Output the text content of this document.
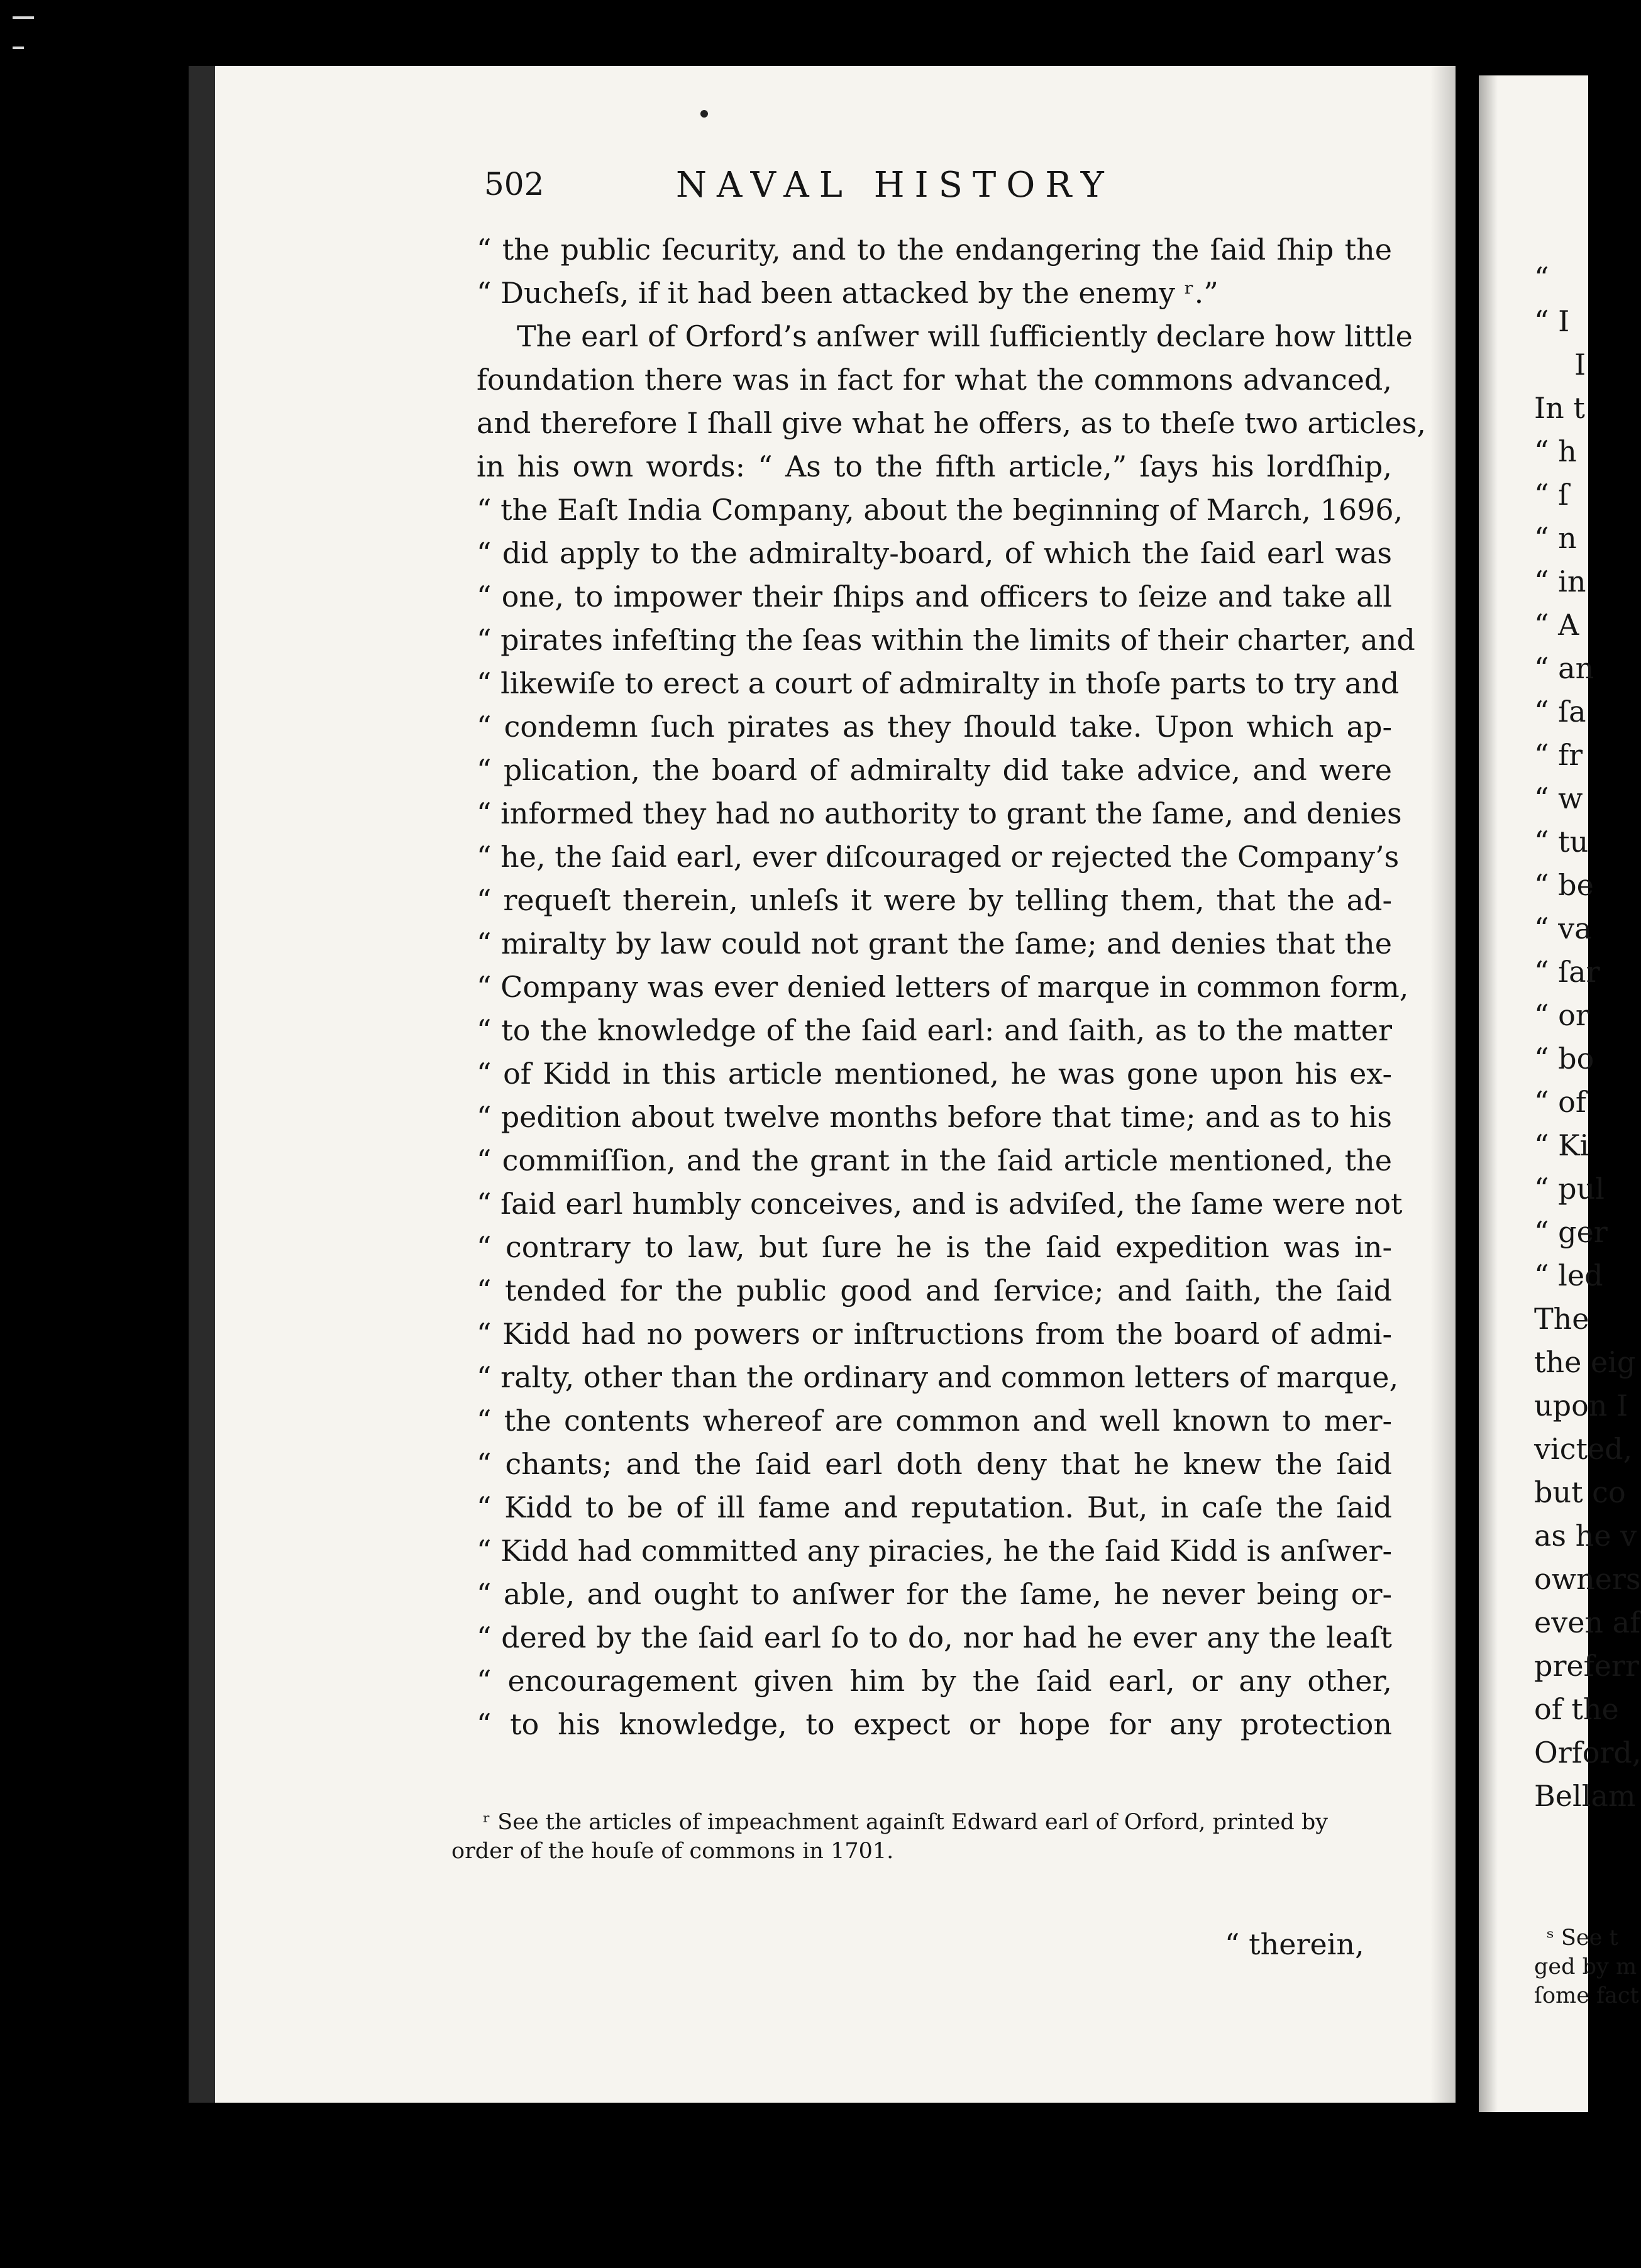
502	NAVAL HISTORY
“ the public ſecurity, and to the endangering the ſaid ſhip the
“ Ducheſs, if it had been attacked by the enemy ʳ.”
The earl of Orford’s anſwer will ſufficiently declare how little
foundation there was in fact for what the commons advanced,
and therefore I ſhall give what he offers, as to theſe two articles,
in his own words: “ As to the fifth article,” ſays his lordſhip,
“ the Eaſt India Company, about the beginning of March, 1696,
“ did apply to the admiralty-board, of which the ſaid earl was
“ one, to impower their ſhips and officers to ſeize and take all
“ pirates infeſting the ſeas within the limits of their charter, and
“ likewiſe to erect a court of admiralty in thoſe parts to try and
“ condemn ſuch pirates as they ſhould take. Upon which ap-
“ plication, the board of admiralty did take advice, and were
“ informed they had no authority to grant the ſame, and denies
“ he, the ſaid earl, ever diſcouraged or rejected the Company’s
“ requeſt therein, unleſs it were by telling them, that the ad-
“ miralty by law could not grant the ſame; and denies that the
“ Company was ever denied letters of marque in common form,
“ to the knowledge of the ſaid earl: and ſaith, as to the matter
“ of Kidd in this article mentioned, he was gone upon his ex-
“ pedition about twelve months before that time; and as to his
“ commiſſion, and the grant in the ſaid article mentioned, the
“ ſaid earl humbly conceives, and is adviſed, the ſame were not
“ contrary to law, but ſure he is the ſaid expedition was in-
“ tended for the public good and ſervice; and ſaith, the ſaid
“ Kidd had no powers or inſtructions from the board of admi-
“ ralty, other than the ordinary and common letters of marque,
“ the contents whereof are common and well known to mer-
“ chants; and the ſaid earl doth deny that he knew the ſaid
“ Kidd to be of ill fame and reputation. But, in caſe the ſaid
“ Kidd had committed any piracies, he the ſaid Kidd is anſwer-
“ able, and ought to anſwer for the ſame, he never being or-
“ dered by the ſaid earl ſo to do, nor had he ever any the leaſt
“ encouragement given him by the ſaid earl, or any other,
“ to his knowledge, to expect or hope for any protection
ʳ See the articles of impeachment againſt Edward earl of Orford, printed by
order of the houſe of commons in 1701.
“ therein,
“
“ I
I
In t
“ h
“ ſ
“ n
“ in
“ A
“ an
“ ſa
“ fr
“ w
“ tu
“ be
“ va
“ ſar
“ or
“ bo
“ of
“ Ki
“ pul
“ ger
“ led
The
the eig
upon I
victed,
but co
as he v
owners
even af
preferr
of the
Orford,
Bellam
ˢ See t
ged by m
ſome fact
